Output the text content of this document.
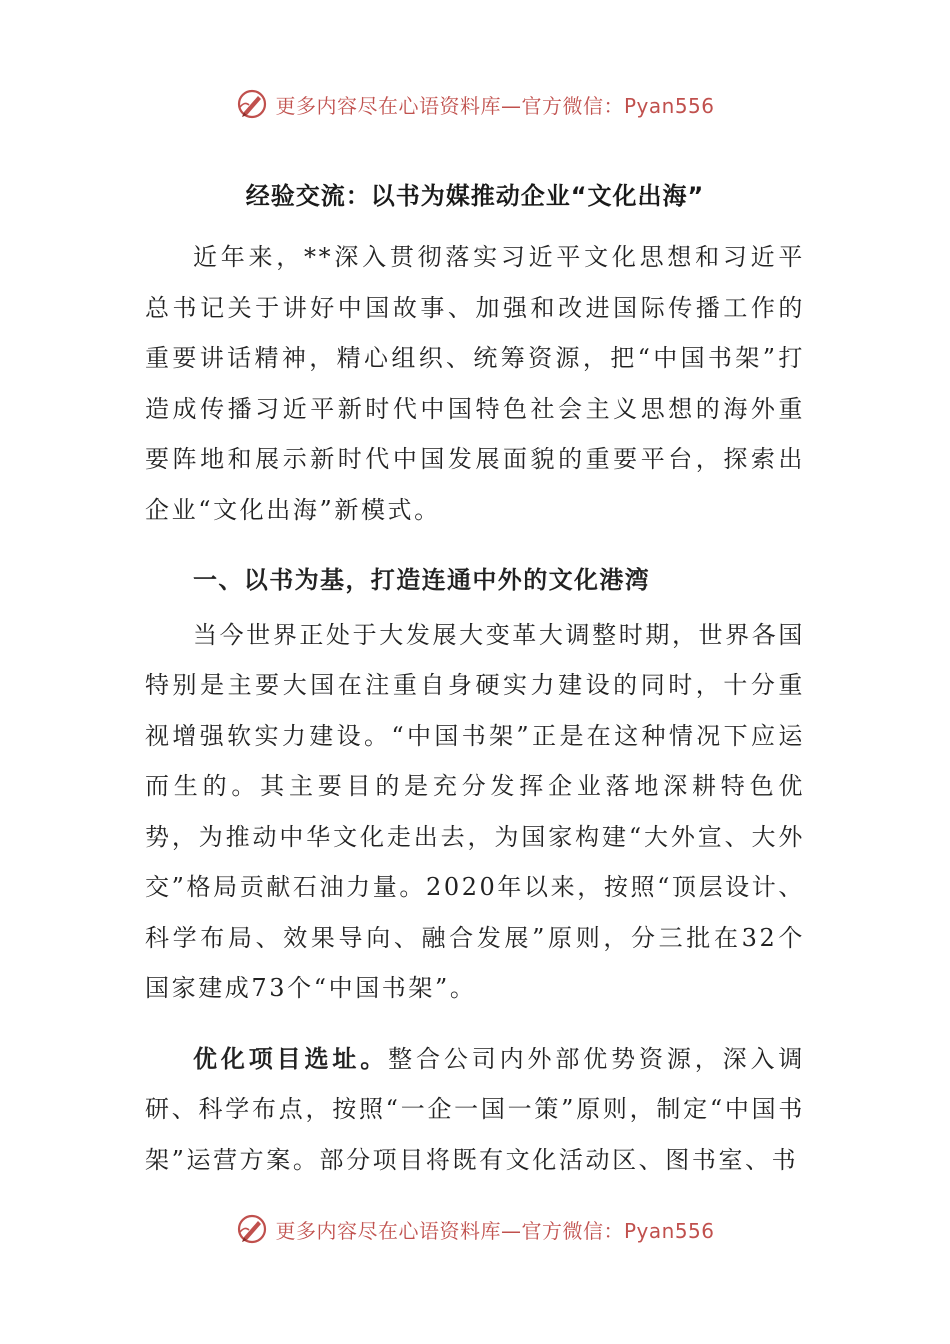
更多内容尽在心语资料库—官方微信：Pyan556
经验交流：以书为媒推动企业“文化出海”

近年来，**深入贯彻落实习近平文化思想和习近平总书记关于讲好中国故事、加强和改进国际传播工作的重要讲话精神，精心组织、统筹资源，把“中国书架”打造成传播习近平新时代中国特色社会主义思想的海外重要阵地和展示新时代中国发展面貌的重要平台，探索出企业“文化出海”新模式。

一、以书为基，打造连通中外的文化港湾

当今世界正处于大发展大变革大调整时期，世界各国特别是主要大国在注重自身硬实力建设的同时，十分重视增强软实力建设。“中国书架”正是在这种情况下应运而生的。其主要目的是充分发挥企业落地深耕特色优势，为推动中华文化走出去，为国家构建“大外宣、大外交”格局贡献石油力量。2020年以来，按照“顶层设计、科学布局、效果导向、融合发展”原则，分三批在32个国家建成73个“中国书架”。

优化项目选址。整合公司内外部优势资源，深入调研、科学布点，按照“一企一国一策”原则，制定“中国书架”运营方案。部分项目将既有文化活动区、图书室、书

更多内容尽在心语资料库—官方微信：Pyan556
